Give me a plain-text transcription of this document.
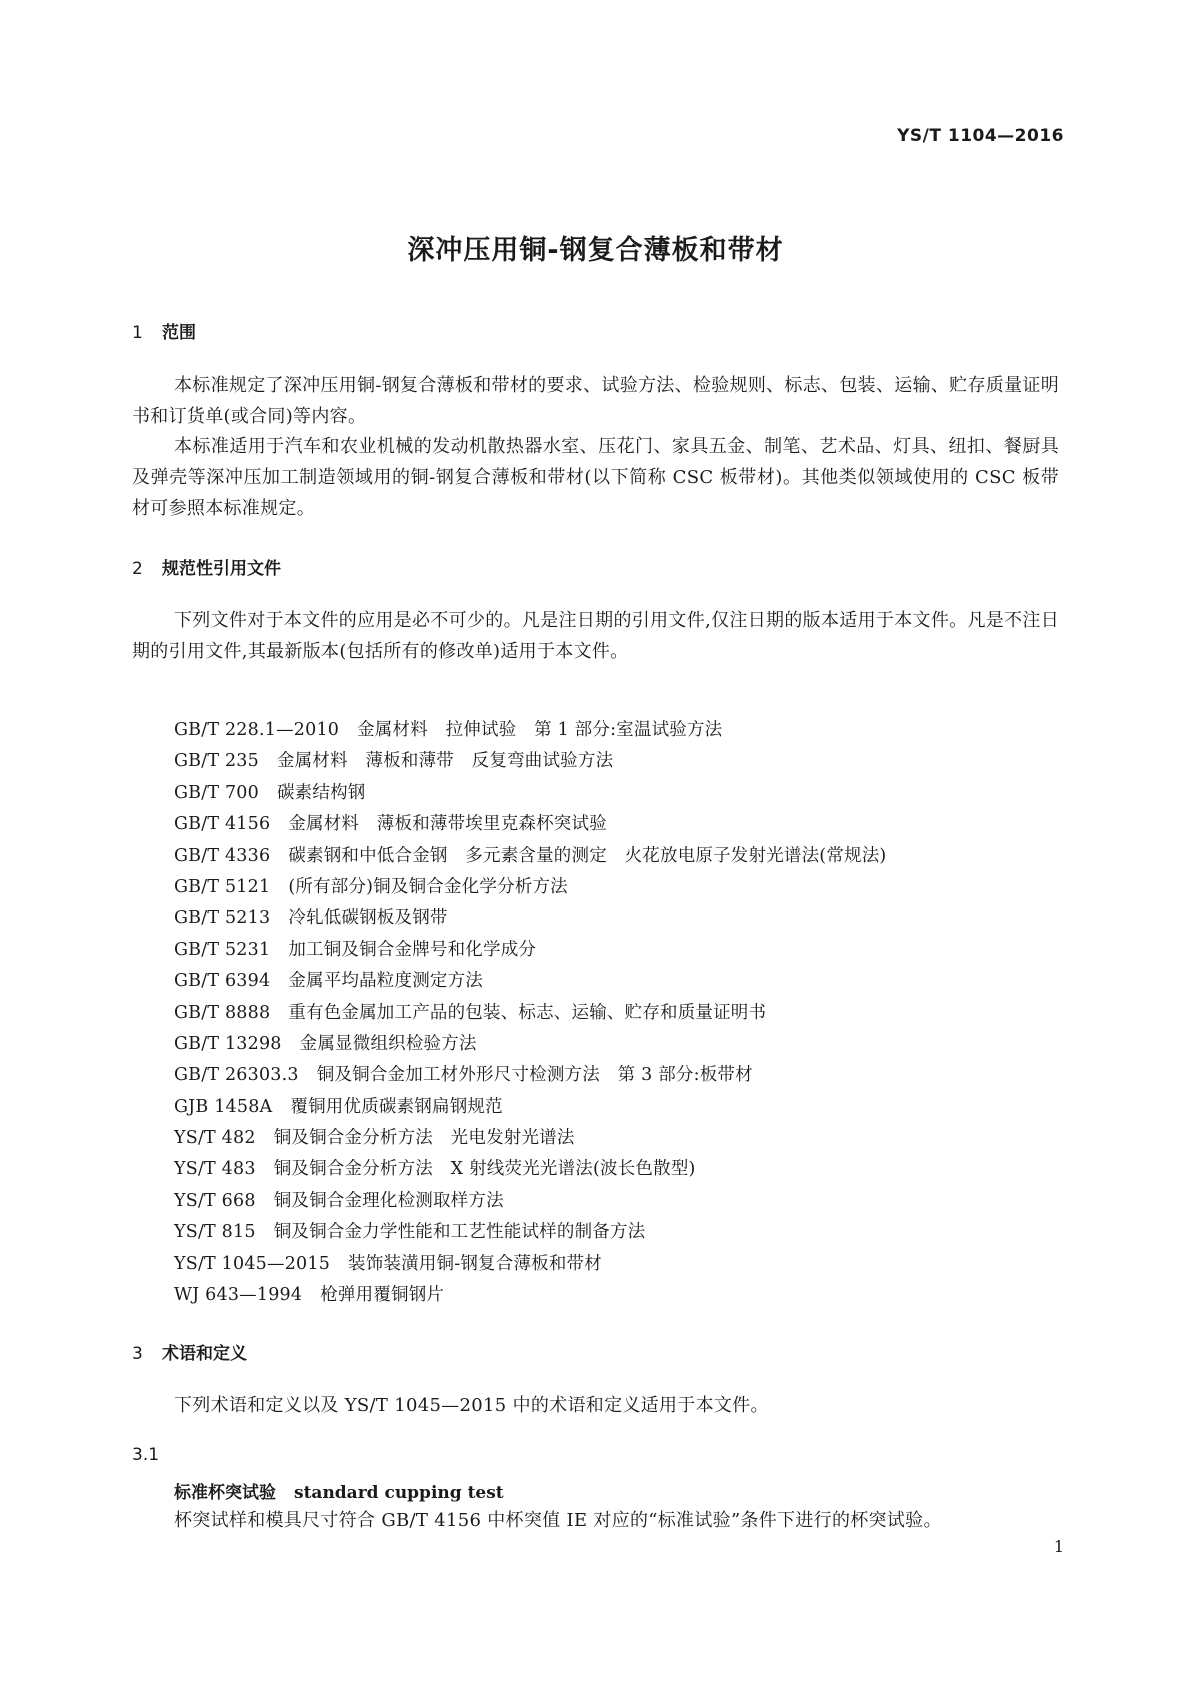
YS/T 1104—2016
深冲压用铜-钢复合薄板和带材
1 范围
本标准规定了深冲压用铜-钢复合薄板和带材的要求、试验方法、检验规则、标志、包装、运输、贮存质量证明书和订货单(或合同)等内容。
本标准适用于汽车和农业机械的发动机散热器水室、压花门、家具五金、制笔、艺术品、灯具、纽扣、餐厨具及弹壳等深冲压加工制造领域用的铜-钢复合薄板和带材(以下简称 CSC 板带材)。其他类似领域使用的 CSC 板带材可参照本标准规定。
2 规范性引用文件
下列文件对于本文件的应用是必不可少的。凡是注日期的引用文件,仅注日期的版本适用于本文件。凡是不注日期的引用文件,其最新版本(包括所有的修改单)适用于本文件。
GB/T 228.1—2010 金属材料　拉伸试验　第 1 部分:室温试验方法
GB/T 235 金属材料　薄板和薄带　反复弯曲试验方法
GB/T 700 碳素结构钢
GB/T 4156 金属材料　薄板和薄带埃里克森杯突试验
GB/T 4336 碳素钢和中低合金钢　多元素含量的测定　火花放电原子发射光谱法(常规法)
GB/T 5121 (所有部分)铜及铜合金化学分析方法
GB/T 5213 冷轧低碳钢板及钢带
GB/T 5231 加工铜及铜合金牌号和化学成分
GB/T 6394 金属平均晶粒度测定方法
GB/T 8888 重有色金属加工产品的包装、标志、运输、贮存和质量证明书
GB/T 13298 金属显微组织检验方法
GB/T 26303.3 铜及铜合金加工材外形尺寸检测方法　第 3 部分:板带材
GJB 1458A 覆铜用优质碳素钢扁钢规范
YS/T 482 铜及铜合金分析方法　光电发射光谱法
YS/T 483 铜及铜合金分析方法　X 射线荧光光谱法(波长色散型)
YS/T 668 铜及铜合金理化检测取样方法
YS/T 815 铜及铜合金力学性能和工艺性能试样的制备方法
YS/T 1045—2015 装饰装潢用铜-钢复合薄板和带材
WJ 643—1994 枪弹用覆铜钢片
3 术语和定义
下列术语和定义以及 YS/T 1045—2015 中的术语和定义适用于本文件。
3.1
标准杯突试验 standard cupping test
杯突试样和模具尺寸符合 GB/T 4156 中杯突值 IE 对应的“标准试验”条件下进行的杯突试验。
1
